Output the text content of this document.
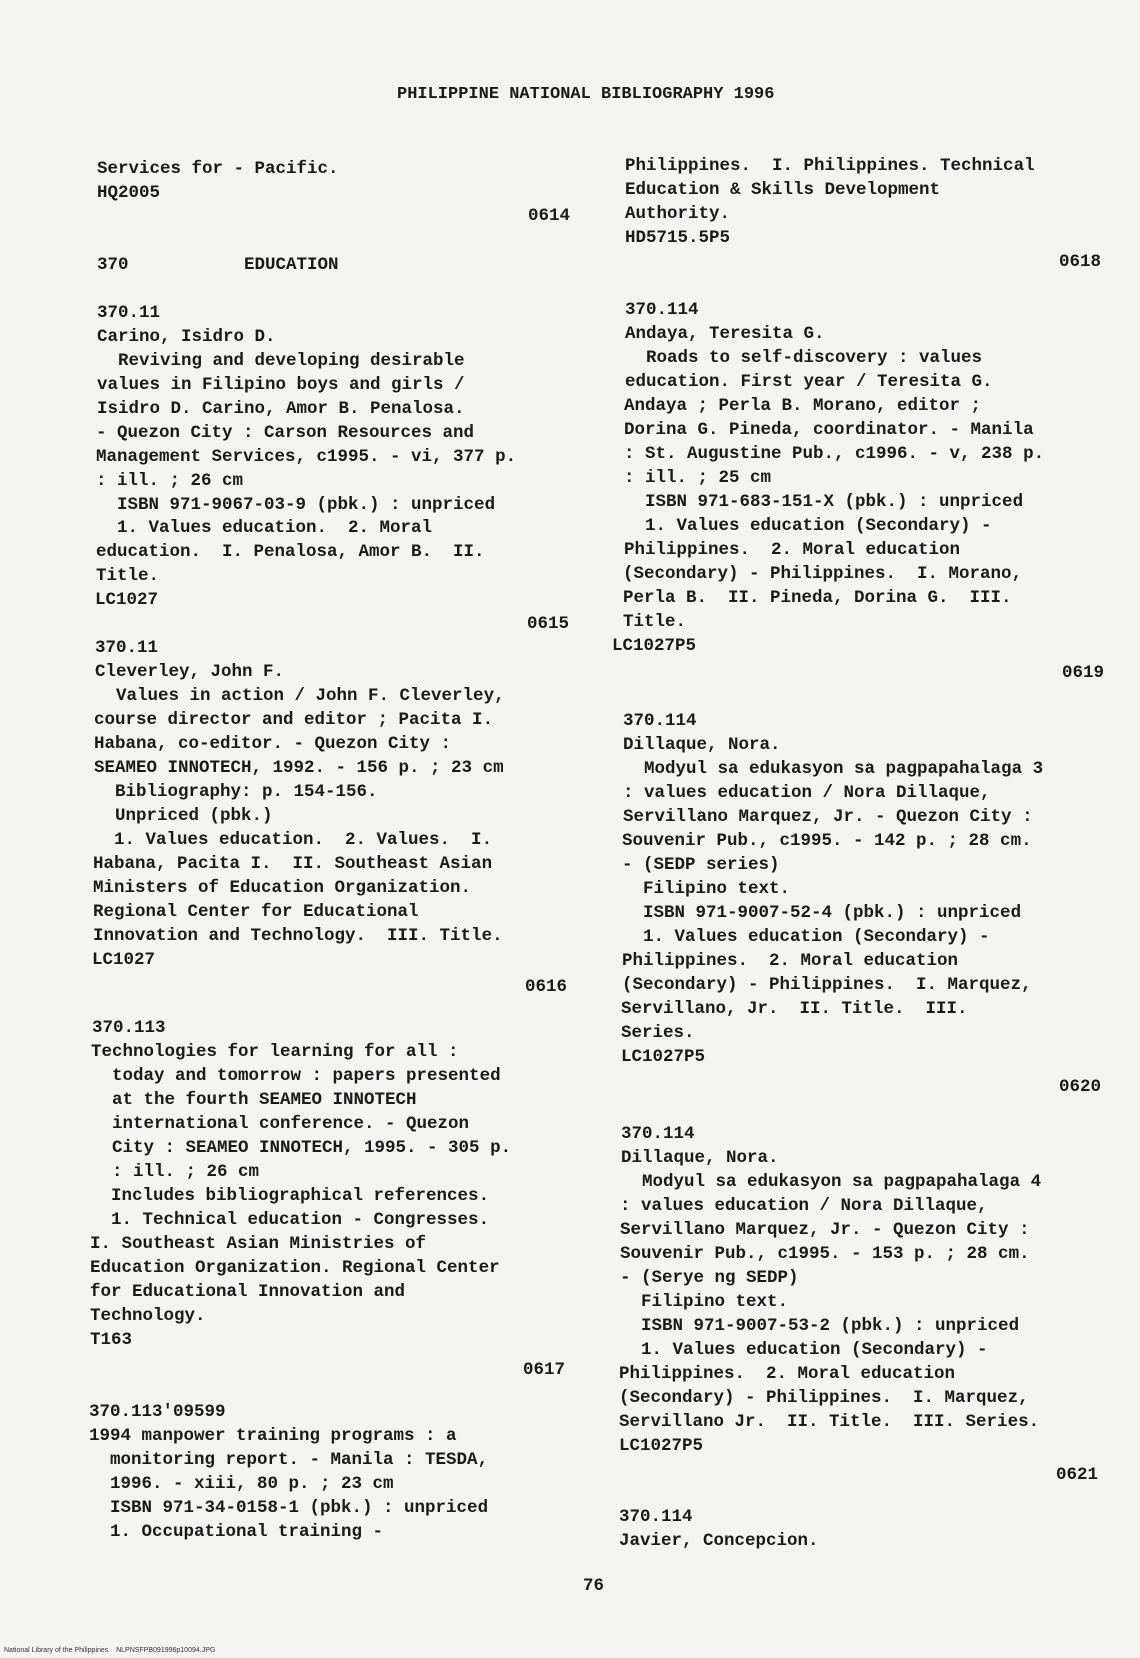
PHILIPPINE NATIONAL BIBLIOGRAPHY 1996
Services for - Pacific.
HQ2005
0614
370           EDUCATION
370.11
Carino, Isidro D.
Reviving and developing desirable
values in Filipino boys and girls /
Isidro D. Carino, Amor B. Penalosa.
- Quezon City : Carson Resources and
Management Services, c1995. - vi, 377 p.
: ill. ; 26 cm
ISBN 971-9067-03-9 (pbk.) : unpriced
1. Values education.  2. Moral
education.  I. Penalosa, Amor B.  II.
Title.
LC1027
0615
370.11
Cleverley, John F.
Values in action / John F. Cleverley,
course director and editor ; Pacita I.
Habana, co-editor. - Quezon City :
SEAMEO INNOTECH, 1992. - 156 p. ; 23 cm
Bibliography: p. 154-156.
Unpriced (pbk.)
1. Values education.  2. Values.  I.
Habana, Pacita I.  II. Southeast Asian
Ministers of Education Organization.
Regional Center for Educational
Innovation and Technology.  III. Title.
LC1027
0616
370.113
Technologies for learning for all :
today and tomorrow : papers presented
at the fourth SEAMEO INNOTECH
international conference. - Quezon
City : SEAMEO INNOTECH, 1995. - 305 p.
: ill. ; 26 cm
Includes bibliographical references.
1. Technical education - Congresses.
I. Southeast Asian Ministries of
Education Organization. Regional Center
for Educational Innovation and
Technology.
T163
0617
370.113'09599
1994 manpower training programs : a
monitoring report. - Manila : TESDA,
1996. - xiii, 80 p. ; 23 cm
ISBN 971-34-0158-1 (pbk.) : unpriced
1. Occupational training -
Philippines.  I. Philippines. Technical
Education & Skills Development
Authority.
HD5715.5P5
0618
370.114
Andaya, Teresita G.
Roads to self-discovery : values
education. First year / Teresita G.
Andaya ; Perla B. Morano, editor ;
Dorina G. Pineda, coordinator. - Manila
: St. Augustine Pub., c1996. - v, 238 p.
: ill. ; 25 cm
ISBN 971-683-151-X (pbk.) : unpriced
1. Values education (Secondary) -
Philippines.  2. Moral education
(Secondary) - Philippines.  I. Morano,
Perla B.  II. Pineda, Dorina G.  III.
Title.
LC1027P5
0619
370.114
Dillaque, Nora.
Modyul sa edukasyon sa pagpapahalaga 3
: values education / Nora Dillaque,
Servillano Marquez, Jr. - Quezon City :
Souvenir Pub., c1995. - 142 p. ; 28 cm.
- (SEDP series)
Filipino text.
ISBN 971-9007-52-4 (pbk.) : unpriced
1. Values education (Secondary) -
Philippines.  2. Moral education
(Secondary) - Philippines.  I. Marquez,
Servillano, Jr.  II. Title.  III.
Series.
LC1027P5
0620
370.114
Dillaque, Nora.
Modyul sa edukasyon sa pagpapahalaga 4
: values education / Nora Dillaque,
Servillano Marquez, Jr. - Quezon City :
Souvenir Pub., c1995. - 153 p. ; 28 cm.
- (Serye ng SEDP)
Filipino text.
ISBN 971-9007-53-2 (pbk.) : unpriced
1. Values education (Secondary) -
Philippines.  2. Moral education
(Secondary) - Philippines.  I. Marquez,
Servillano Jr.  II. Title.  III. Series.
LC1027P5
0621
370.114
Javier, Concepcion.
76
National Library of the Philippines NLPNSFPB091996p10094.JPG
